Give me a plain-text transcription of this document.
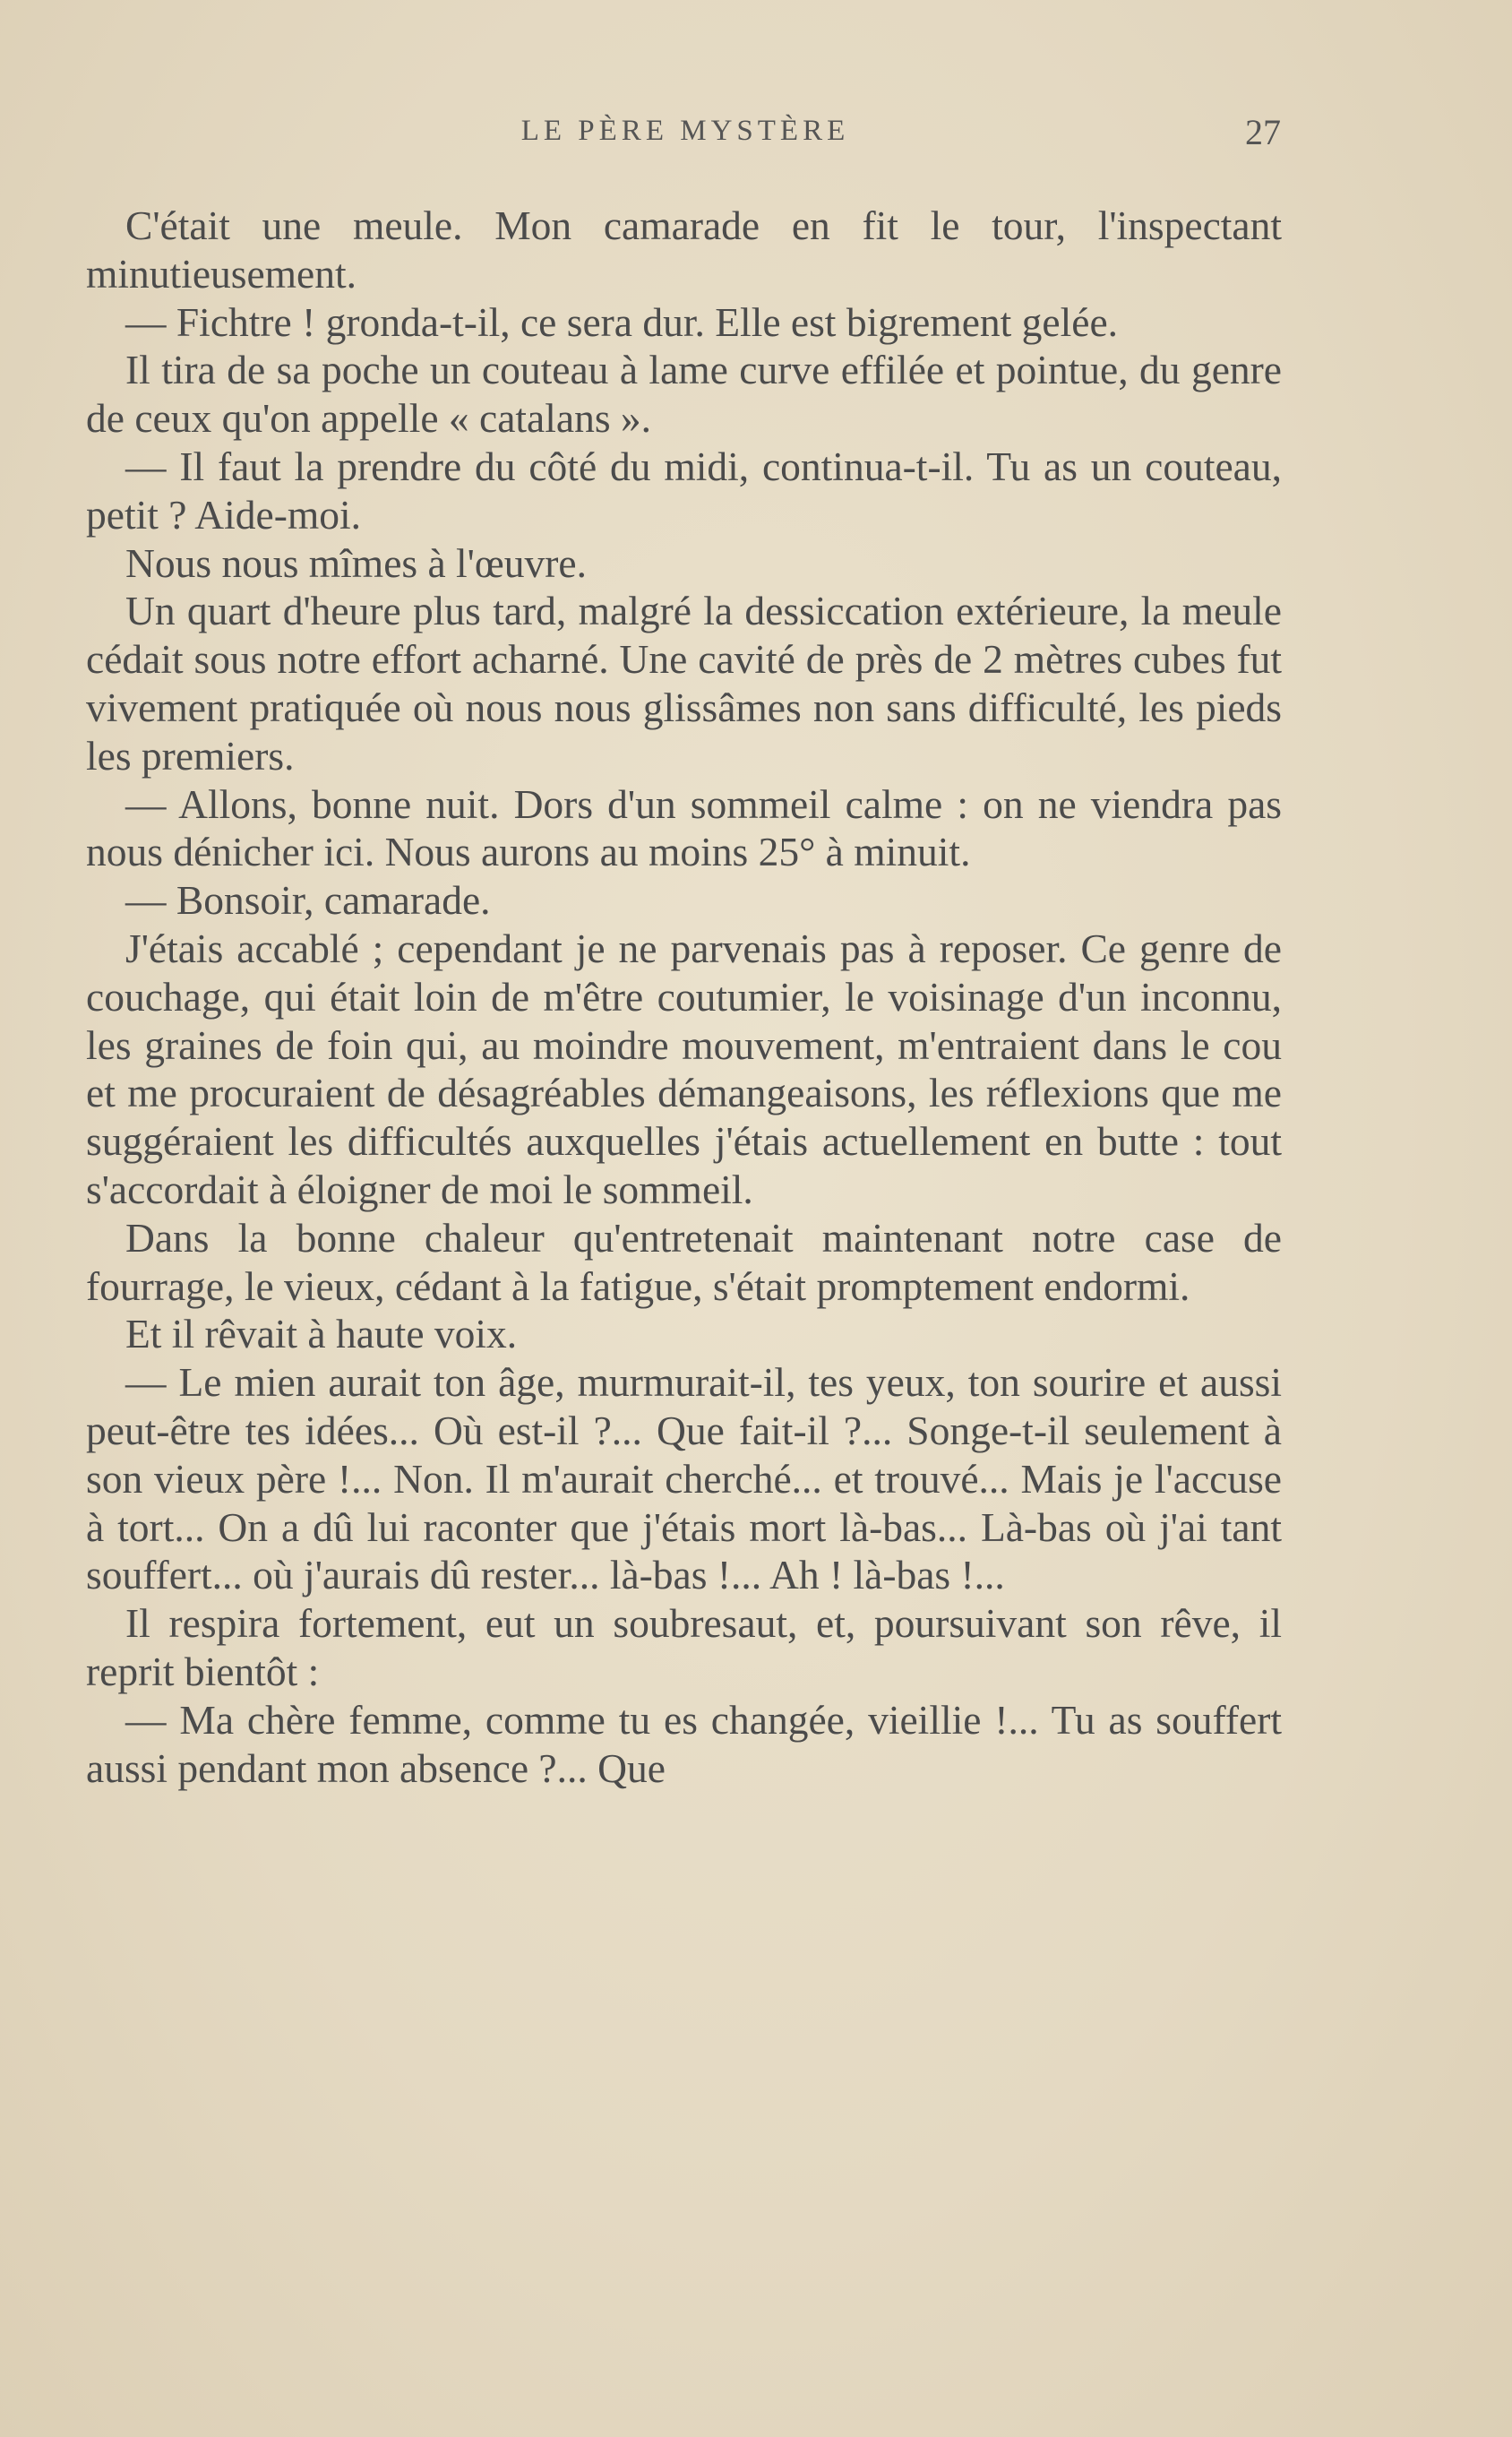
LE PÈRE MYSTÈRE	27

C'était une meule. Mon camarade en fit le tour, l'inspectant minutieusement.

— Fichtre ! gronda-t-il, ce sera dur. Elle est bigrement gelée.

Il tira de sa poche un couteau à lame curve effilée et pointue, du genre de ceux qu'on appelle « catalans ».

— Il faut la prendre du côté du midi, continua-t-il. Tu as un couteau, petit ? Aide-moi.

Nous nous mîmes à l'œuvre.

Un quart d'heure plus tard, malgré la dessiccation extérieure, la meule cédait sous notre effort acharné. Une cavité de près de 2 mètres cubes fut vivement pratiquée où nous nous glissâmes non sans difficulté, les pieds les premiers.

— Allons, bonne nuit. Dors d'un sommeil calme : on ne viendra pas nous dénicher ici. Nous aurons au moins 25° à minuit.

— Bonsoir, camarade.

J'étais accablé ; cependant je ne parvenais pas à reposer. Ce genre de couchage, qui était loin de m'être coutumier, le voisinage d'un inconnu, les graines de foin qui, au moindre mouvement, m'entraient dans le cou et me procuraient de désagréables démangeaisons, les réflexions que me suggéraient les difficultés auxquelles j'étais actuellement en butte : tout s'accordait à éloigner de moi le sommeil.

Dans la bonne chaleur qu'entretenait maintenant notre case de fourrage, le vieux, cédant à la fatigue, s'était promptement endormi.

Et il rêvait à haute voix.

— Le mien aurait ton âge, murmurait-il, tes yeux, ton sourire et aussi peut-être tes idées... Où est-il ?... Que fait-il ?... Songe-t-il seulement à son vieux père !... Non. Il m'aurait cherché... et trouvé... Mais je l'accuse à tort... On a dû lui raconter que j'étais mort là-bas... Là-bas où j'ai tant souffert... où j'aurais dû rester... là-bas !... Ah ! là-bas !...

Il respira fortement, eut un soubresaut, et, poursuivant son rêve, il reprit bientôt :

— Ma chère femme, comme tu es changée, vieillie !... Tu as souffert aussi pendant mon absence ?... Que
